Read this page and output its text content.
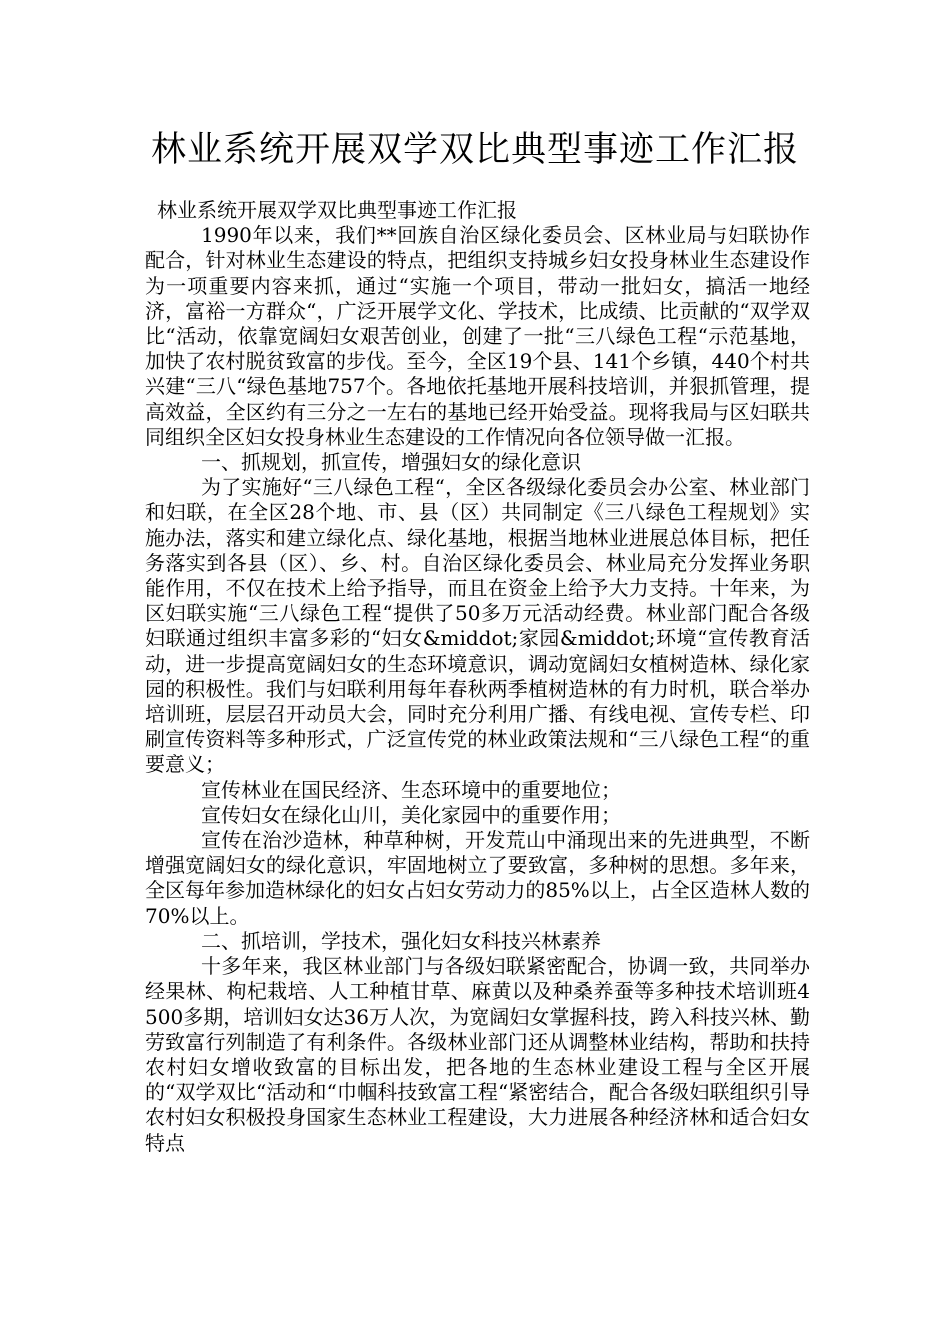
林业系统开展双学双比典型事迹工作汇报

林业系统开展双学双比典型事迹工作汇报

1990年以来，我们**回族自治区绿化委员会、区林业局与妇联协作配合，针对林业生态建设的特点，把组织支持城乡妇女投身林业生态建设作为一项重要内容来抓，通过“实施一个项目，带动一批妇女，搞活一地经济，富裕一方群众“，广泛开展学文化、学技术，比成绩、比贡献的“双学双比“活动，依靠宽阔妇女艰苦创业，创建了一批“三八绿色工程“示范基地，加快了农村脱贫致富的步伐。至今，全区19个县、141个乡镇，440个村共兴建“三八“绿色基地757个。各地依托基地开展科技培训，并狠抓管理，提高效益，全区约有三分之一左右的基地已经开始受益。现将我局与区妇联共同组织全区妇女投身林业生态建设的工作情况向各位领导做一汇报。

一、抓规划，抓宣传，增强妇女的绿化意识

为了实施好“三八绿色工程“，全区各级绿化委员会办公室、林业部门和妇联，在全区28个地、市、县（区）共同制定《三八绿色工程规划》实施办法，落实和建立绿化点、绿化基地，根据当地林业进展总体目标，把任务落实到各县（区）、乡、村。自治区绿化委员会、林业局充分发挥业务职能作用，不仅在技术上给予指导，而且在资金上给予大力支持。十年来，为区妇联实施“三八绿色工程“提供了50多万元活动经费。林业部门配合各级妇联通过组织丰富多彩的“妇女&middot;家园&middot;环境“宣传教育活动，进一步提高宽阔妇女的生态环境意识，调动宽阔妇女植树造林、绿化家园的积极性。我们与妇联利用每年春秋两季植树造林的有力时机，联合举办培训班，层层召开动员大会，同时充分利用广播、有线电视、宣传专栏、印刷宣传资料等多种形式，广泛宣传党的林业政策法规和“三八绿色工程“的重要意义；

宣传林业在国民经济、生态环境中的重要地位；

宣传妇女在绿化山川，美化家园中的重要作用；

宣传在治沙造林，种草种树，开发荒山中涌现出来的先进典型，不断增强宽阔妇女的绿化意识，牢固地树立了要致富，多种树的思想。多年来，全区每年参加造林绿化的妇女占妇女劳动力的85%以上，占全区造林人数的70%以上。

二、抓培训，学技术，强化妇女科技兴林素养

十多年来，我区林业部门与各级妇联紧密配合，协调一致，共同举办经果林、枸杞栽培、人工种植甘草、麻黄以及种桑养蚕等多种技术培训班4500多期，培训妇女达36万人次，为宽阔妇女掌握科技，跨入科技兴林、勤劳致富行列制造了有利条件。各级林业部门还从调整林业结构，帮助和扶持农村妇女增收致富的目标出发，把各地的生态林业建设工程与全区开展的“双学双比“活动和“巾帼科技致富工程“紧密结合，配合各级妇联组织引导农村妇女积极投身国家生态林业工程建设，大力进展各种经济林和适合妇女特点
